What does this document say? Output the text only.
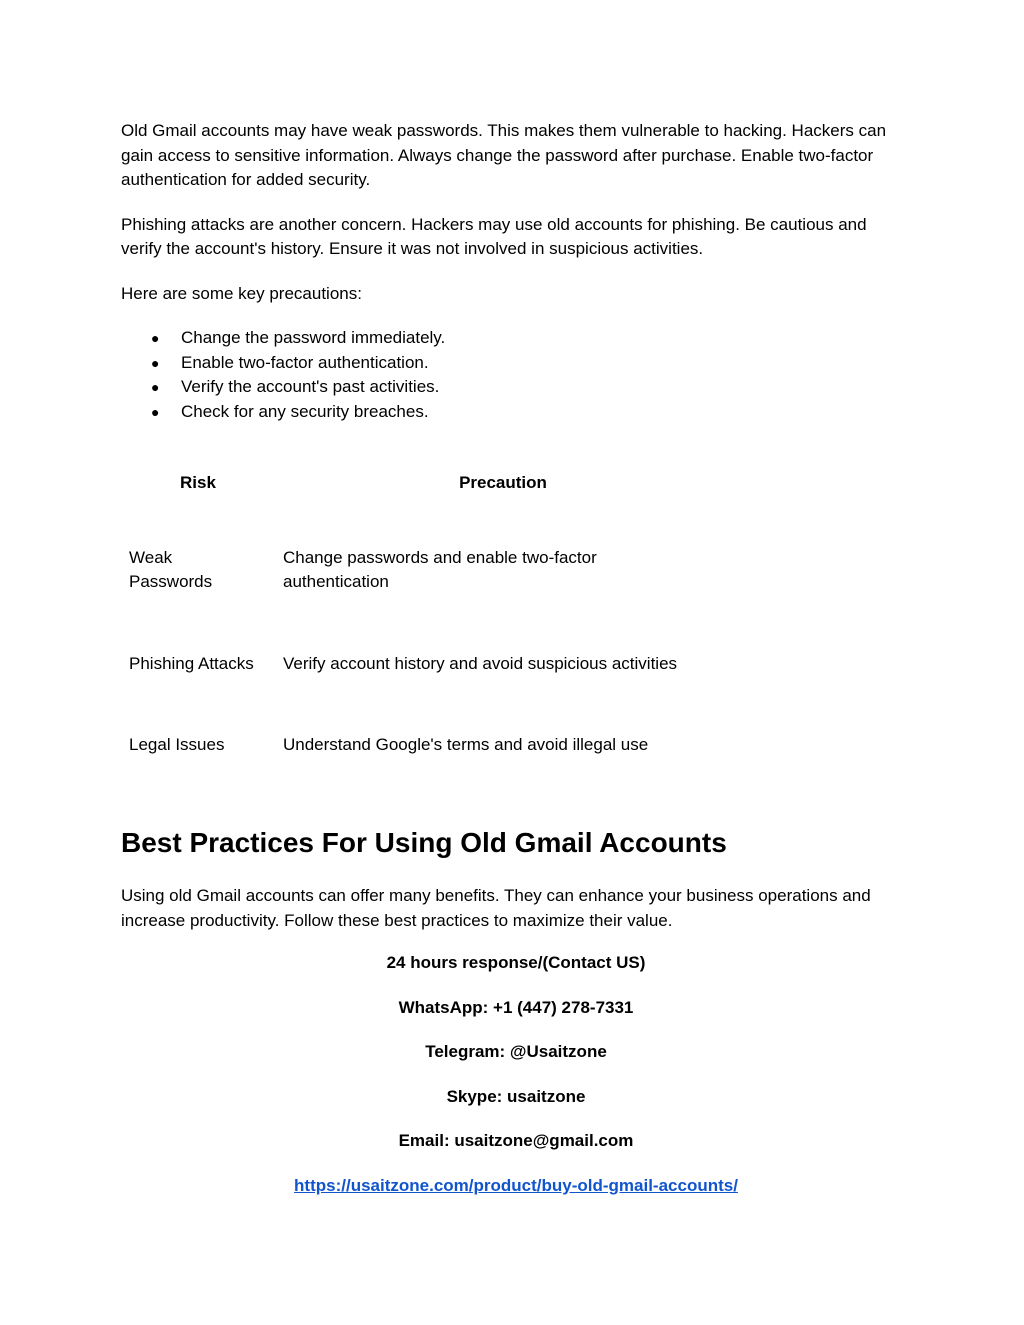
Old Gmail accounts may have weak passwords. This makes them vulnerable to hacking. Hackers can gain access to sensitive information. Always change the password after purchase. Enable two-factor authentication for added security.

Phishing attacks are another concern. Hackers may use old accounts for phishing. Be cautious and verify the account's history. Ensure it was not involved in suspicious activities.

Here are some key precautions:

● Change the password immediately.
● Enable two-factor authentication.
● Verify the account's past activities.
● Check for any security breaches.
Risk	Precaution
Weak
Passwords	Change passwords and enable two-factor
authentication
Phishing Attacks	Verify account history and avoid suspicious activities
Legal Issues	Understand Google's terms and avoid illegal use
Best Practices For Using Old Gmail Accounts

Using old Gmail accounts can offer many benefits. They can enhance your business operations and increase productivity. Follow these best practices to maximize their value.

24 hours response/(Contact US)
WhatsApp: +1 (447) 278-7331
Telegram: @Usaitzone
Skype: usaitzone
Email: usaitzone@gmail.com
https://usaitzone.com/product/buy-old-gmail-accounts/
